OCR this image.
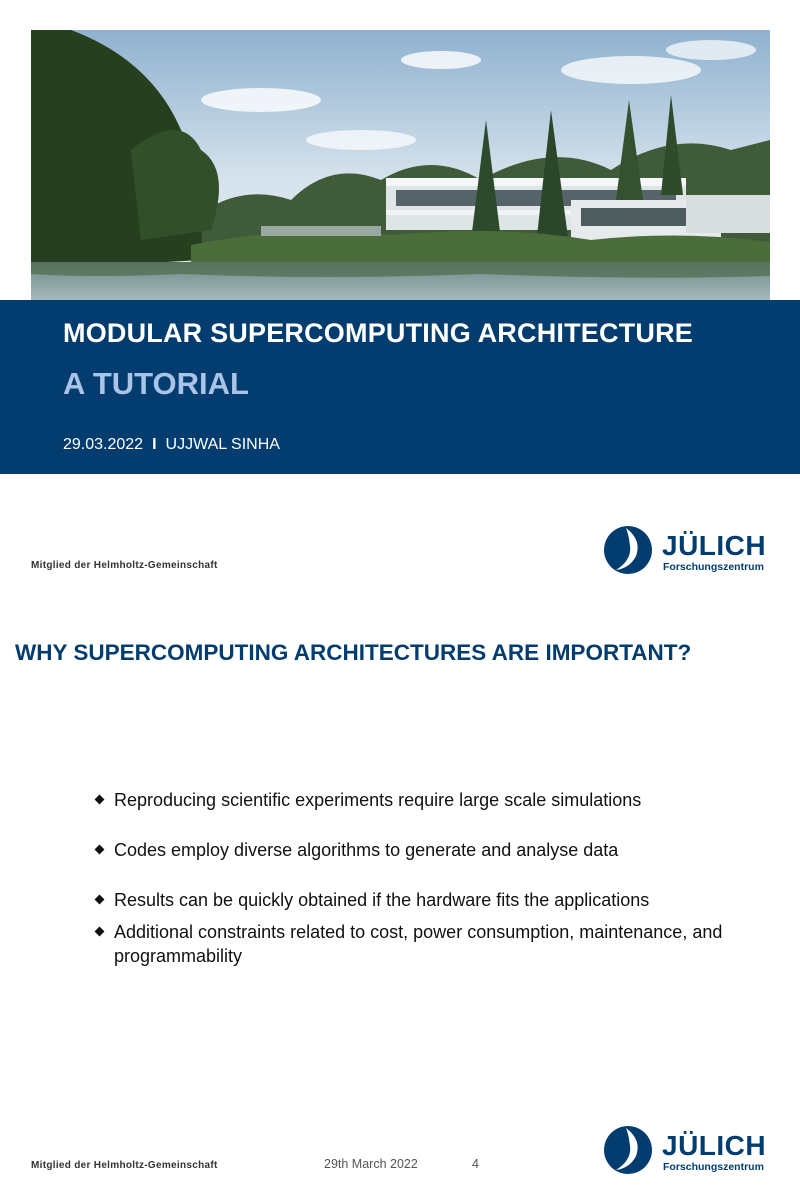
MODULAR SUPERCOMPUTING ARCHITECTURE
A TUTORIAL
29.03.2022 I UJJWAL SINHA
Mitglied der Helmholtz-Gemeinschaft
JÜLICH
Forschungszentrum
WHY SUPERCOMPUTING ARCHITECTURES ARE IMPORTANT?
Reproducing scientific experiments require large scale simulations
Codes employ diverse algorithms to generate and analyse data
Results can be quickly obtained if the hardware fits the applications
Additional constraints related to cost, power consumption, maintenance, and programmability
Mitglied der Helmholtz-Gemeinschaft	29th March 2022	4
JÜLICH
Forschungszentrum
